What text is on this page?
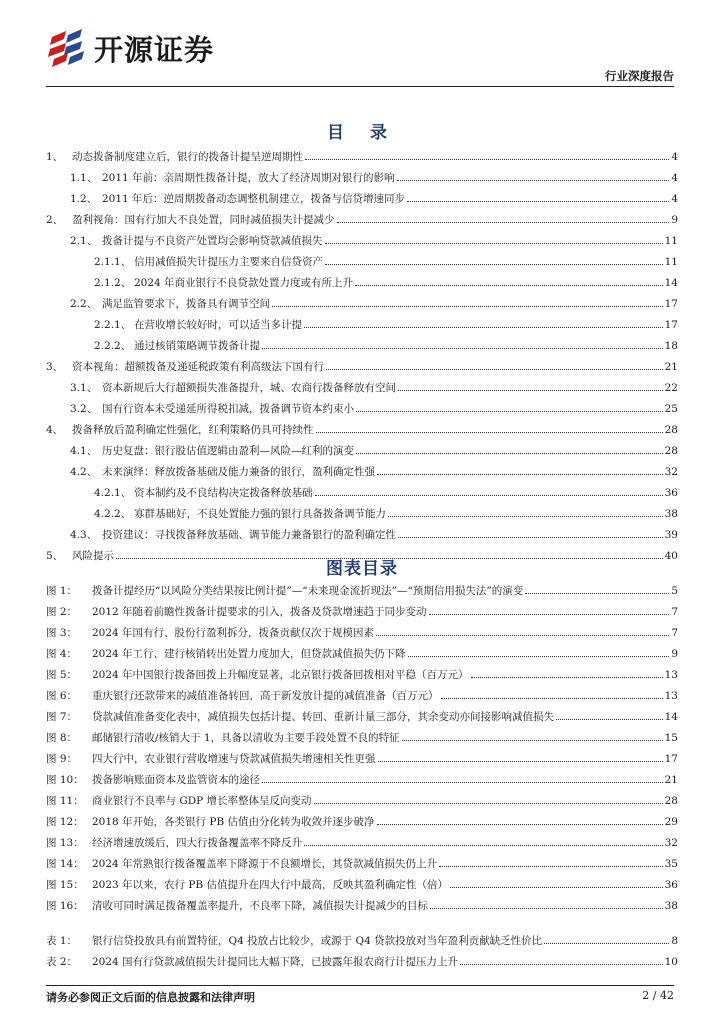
开源证券
行业深度报告
目 录
1、 动态拨备制度建立后，银行的拨备计提呈逆周期性	4
1.1、 2011 年前：亲周期性拨备计提，放大了经济周期对银行的影响	4
1.2、 2011 年后：逆周期拨备动态调整机制建立，拨备与信贷增速同步	4
2、 盈利视角：国有行加大不良处置，同时减值损失计提减少	9
2.1、 拨备计提与不良资产处置均会影响贷款减值损失	11
2.1.1、 信用减值损失计提压力主要来自信贷资产	11
2.1.2、 2024 年商业银行不良贷款处置力度或有所上升	14
2.2、 满足监管要求下，拨备具有调节空间	17
2.2.1、 在营收增长较好时，可以适当多计提	17
2.2.2、 通过核销策略调节拨备计提	18
3、 资本视角：超额拨备及递延税政策有利高级法下国有行	21
3.1、 资本新规后大行超额损失准备提升，城、农商行拨备释放有空间	22
3.2、 国有行资本未受递延所得税扣减，拨备调节资本约束小	25
4、 拨备释放后盈利确定性强化，红利策略仍具可持续性	28
4.1、 历史复盘：银行股估值逻辑由盈利—风险—红利的演变	28
4.2、 未来演绎：释放拨备基础及能力兼备的银行，盈利确定性强	32
4.2.1、 资本制约及不良结构决定拨备释放基础	36
4.2.2、 寡群基础好，不良处置能力强的银行具备拨备调节能力	38
4.3、 投资建议：寻找拨备释放基础、调节能力兼备银行的盈利确定性	39
5、 风险提示	40
图表目录
图 1：	拨备计提经历“以风险分类结果按比例计提”—“未来现金流折现法”—“预期信用损失法”的演变	5
图 2：	2012 年随着前瞻性拨备计提要求的引入，拨备及贷款增速趋于同步变动	7
图 3：	2024 年国有行、股份行盈利拆分，拨备贡献仅次于规模因素	7
图 4：	2024 年工行、建行核销转出处置力度加大，但贷款减值损失仍下降	9
图 5：	2024 年中国银行拨备回拨上升幅度显著，北京银行拨备回拨相对平稳（百万元）	13
图 6：	重庆银行还款带来的减值准备转回，高于新发放计提的减值准备（百万元）	13
图 7：	贷款减值准备变化表中，减值损失包括计提、转回、重新计量三部分，其余变动亦间接影响减值损失	14
图 8：	邮储银行清收/核销大于 1，具备以清收为主要手段处置不良的特征	15
图 9：	四大行中，农业银行营收增速与贷款减值损失增速相关性更强	17
图 10： 拨备影响账面资本及监管资本的途径	21
图 11： 商业银行不良率与 GDP 增长率整体呈反向变动	28
图 12： 2018 年开始，各类银行 PB 估值由分化转为收敛并逐步破净	29
图 13： 经济增速放缓后，四大行拨备覆盖率不降反升	32
图 14： 2024 年常熟银行拨备覆盖率下降源于不良额增长，其贷款减值损失仍上升	35
图 15： 2023 年以来，农行 PB 估值提升在四大行中最高，反映其盈利确定性（倍）	36
图 16： 清收可同时满足拨备覆盖率提升，不良率下降，减值损失计提减少的目标	38
表 1：	银行信贷投放具有前置特征，Q4 投放占比较少，或源于 Q4 贷款投放对当年盈利贡献缺乏性价比	8
表 2：	2024 国有行贷款减值损失计提同比大幅下降，已披露年报农商行计提压力上升	10
请务必参阅正文后面的信息披露和法律声明	2 / 42
